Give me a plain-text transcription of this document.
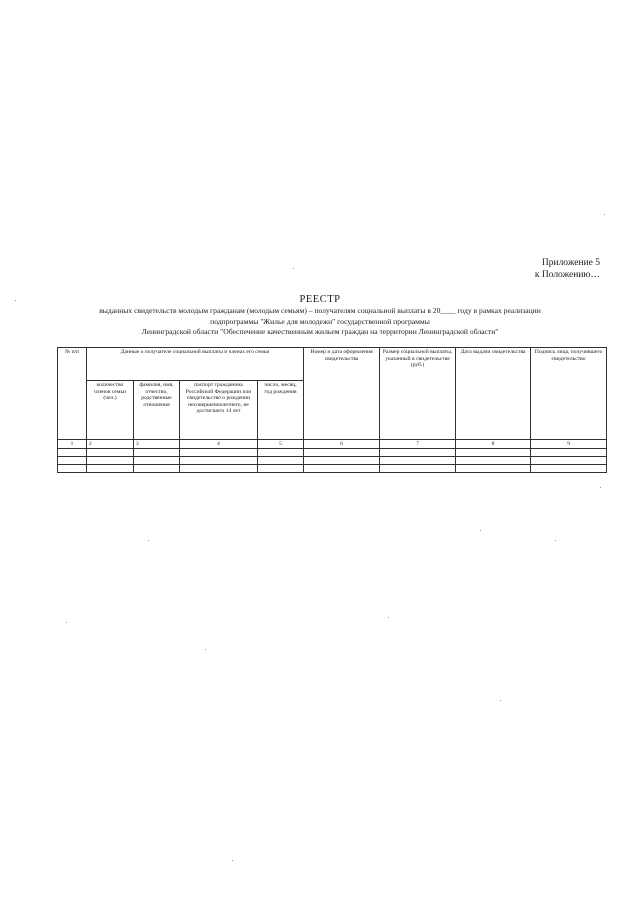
Приложение 5
к Положению…
РЕЕСТР
выданных свидетельств молодым гражданам (молодым семьям) – получателям социальной выплаты в 20____ году в рамках реализации
подпрограммы "Жилье для молодежи" государственной программы
Ленинградской области "Обеспечение качественным жильем граждан на территории Ленинградской области"
№ п/п	Данные о получателе социальной выплаты и членах его семьи				Номер и дата оформления свидетельства	Размер социальной выплаты, указанный в свидетельстве (руб.)	Дата выдачи свидетельства	Подпись лица, получившего свидетельство
	количество членов семьи (чел.)	фамилия, имя, отчество, родственные отношения	паспорт гражданина Российской Федерации или свидетельство о рождении несовершеннолетнего, не достигшего 14 лет	число, месяц, год рождения				
1	2	3	4	5	6	7	8	9
